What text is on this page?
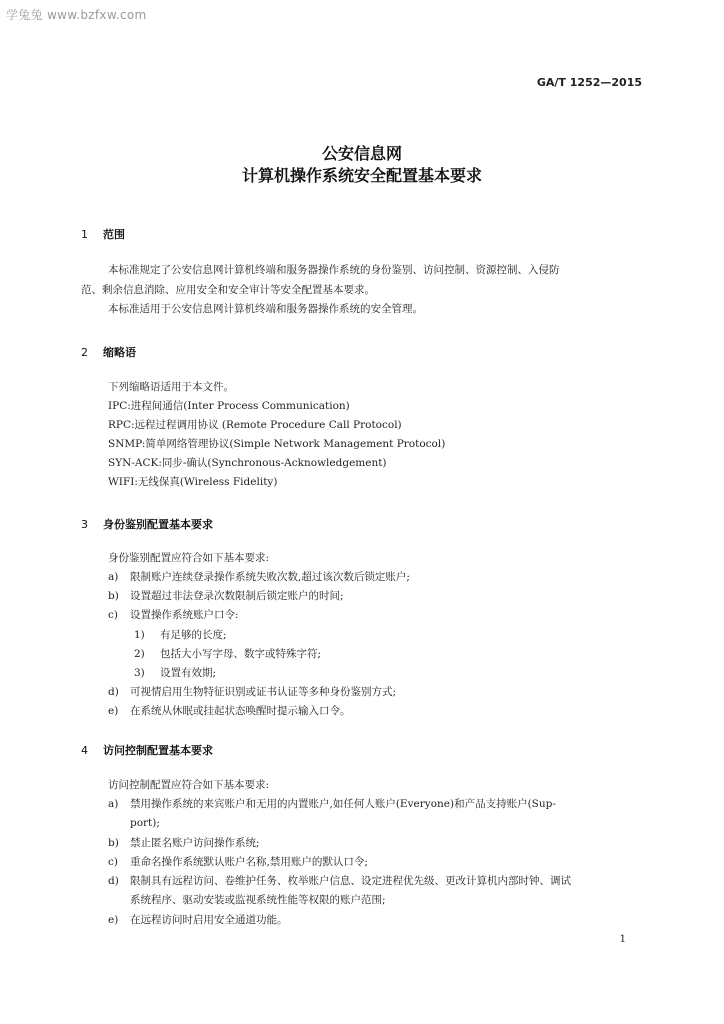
学兔兔 www.bzfxw.com
GA/T 1252—2015
公安信息网
计算机操作系统安全配置基本要求
1 范围
本标准规定了公安信息网计算机终端和服务器操作系统的身份鉴别、访问控制、资源控制、入侵防
范、剩余信息消除、应用安全和安全审计等安全配置基本要求。
本标准适用于公安信息网计算机终端和服务器操作系统的安全管理。
2 缩略语
下列缩略语适用于本文件。
IPC:进程间通信(Inter Process Communication)
RPC:远程过程调用协议 (Remote Procedure Call Protocol)
SNMP:简单网络管理协议(Simple Network Management Protocol)
SYN-ACK:同步-确认(Synchronous-Acknowledgement)
WIFI:无线保真(Wireless Fidelity)
3 身份鉴别配置基本要求
身份鉴别配置应符合如下基本要求:
a) 限制账户连续登录操作系统失败次数,超过该次数后锁定账户;
b) 设置超过非法登录次数限制后锁定账户的时间;
c) 设置操作系统账户口令:
1) 有足够的长度;
2) 包括大小写字母、数字或特殊字符;
3) 设置有效期;
d) 可视情启用生物特征识别或证书认证等多种身份鉴别方式;
e) 在系统从休眠或挂起状态唤醒时提示输入口令。
4 访问控制配置基本要求
访问控制配置应符合如下基本要求:
a) 禁用操作系统的来宾账户和无用的内置账户,如任何人账户(Everyone)和产品支持账户(Sup-
port);
b) 禁止匿名账户访问操作系统;
c) 重命名操作系统默认账户名称,禁用账户的默认口令;
d) 限制具有远程访问、卷维护任务、枚举账户信息、设定进程优先级、更改计算机内部时钟、调试
系统程序、驱动安装或监视系统性能等权限的账户范围;
e) 在远程访问时启用安全通道功能。
1
